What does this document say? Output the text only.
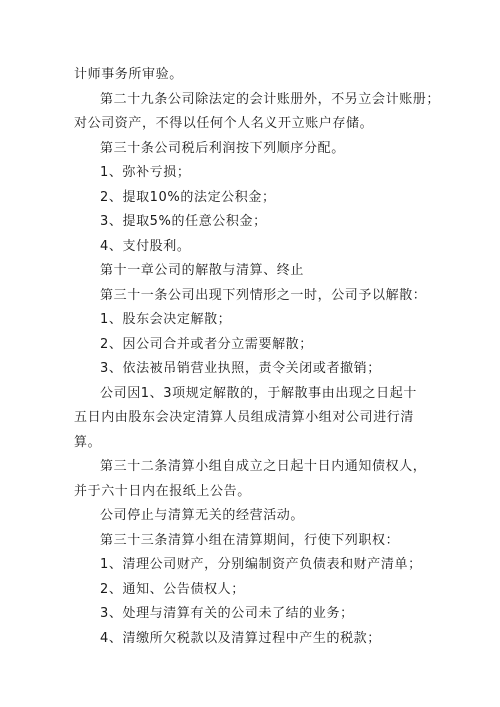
计师事务所审验。
第二十九条公司除法定的会计账册外，不另立会计账册；
对公司资产，不得以任何个人名义开立账户存储。
第三十条公司税后利润按下列顺序分配。
1、弥补亏损；
2、提取10%的法定公积金；
3、提取5%的任意公积金；
4、支付股利。
第十一章公司的解散与清算、终止
第三十一条公司出现下列情形之一时，公司予以解散：
1、股东会决定解散；
2、因公司合并或者分立需要解散；
3、依法被吊销营业执照，责令关闭或者撤销；
公司因1、3项规定解散的，于解散事由出现之日起十
五日内由股东会决定清算人员组成清算小组对公司进行清
算。
第三十二条清算小组自成立之日起十日内通知债权人，
并于六十日内在报纸上公告。
公司停止与清算无关的经营活动。
第三十三条清算小组在清算期间，行使下列职权：
1、清理公司财产，分别编制资产负债表和财产清单；
2、通知、公告债权人；
3、处理与清算有关的公司未了结的业务；
4、清缴所欠税款以及清算过程中产生的税款；
